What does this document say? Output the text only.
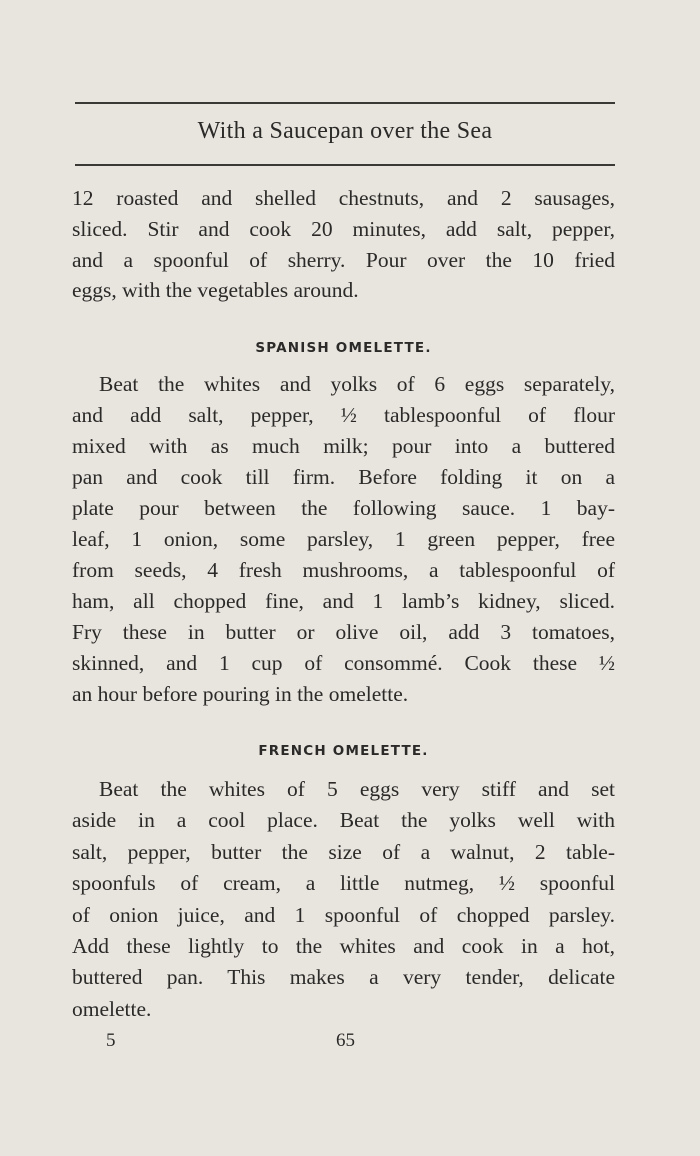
With a Saucepan over the Sea
12 roasted and shelled chestnuts, and 2 sausages,
sliced. Stir and cook 20 minutes, add salt, pepper,
and a spoonful of sherry. Pour over the 10 fried
eggs, with the vegetables around.
SPANISH OMELETTE.
Beat the whites and yolks of 6 eggs separately,
and add salt, pepper, ½ tablespoonful of flour
mixed with as much milk; pour into a buttered
pan and cook till firm. Before folding it on a
plate pour between the following sauce. 1 bay-
leaf, 1 onion, some parsley, 1 green pepper, free
from seeds, 4 fresh mushrooms, a tablespoonful of
ham, all chopped fine, and 1 lamb’s kidney, sliced.
Fry these in butter or olive oil, add 3 tomatoes,
skinned, and 1 cup of consommé. Cook these ½
an hour before pouring in the omelette.
FRENCH OMELETTE.
Beat the whites of 5 eggs very stiff and set
aside in a cool place. Beat the yolks well with
salt, pepper, butter the size of a walnut, 2 table-
spoonfuls of cream, a little nutmeg, ½ spoonful
of onion juice, and 1 spoonful of chopped parsley.
Add these lightly to the whites and cook in a hot,
buttered pan. This makes a very tender, delicate
omelette.
5	65
